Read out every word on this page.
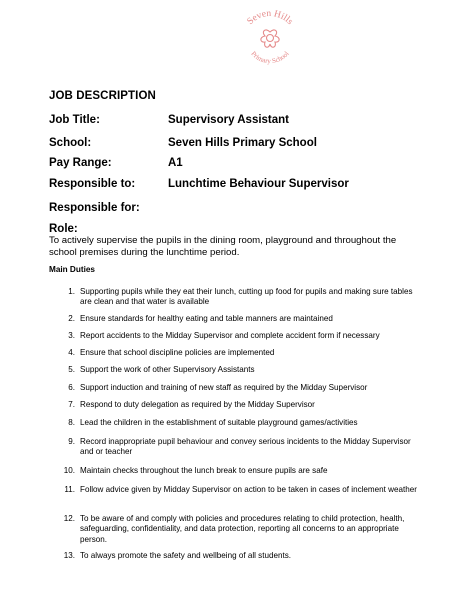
Seven Hills
Primary School
JOB DESCRIPTION
Job Title:	Supervisory Assistant
School:	Seven Hills Primary School
Pay Range:	A1
Responsible to:	Lunchtime Behaviour Supervisor
Responsible for:
Role:
To actively supervise the pupils in the dining room, playground and throughout the school premises during the lunchtime period.
Main Duties
1. Supporting pupils while they eat their lunch, cutting up food for pupils and making sure tables are clean and that water is available
2. Ensure standards for healthy eating and table manners are maintained
3. Report accidents to the Midday Supervisor and complete accident form if necessary
4. Ensure that school discipline policies are implemented
5. Support the work of other Supervisory Assistants
6. Support induction and training of new staff as required by the Midday Supervisor
7. Respond to duty delegation as required by the Midday Supervisor
8. Lead the children in the establishment of suitable playground games/activities
9. Record inappropriate pupil behaviour and convey serious incidents to the Midday Supervisor and or teacher
10. Maintain checks throughout the lunch break to ensure pupils are safe
11. Follow advice given by Midday Supervisor on action to be taken in cases of inclement weather
12. To be aware of and comply with policies and procedures relating to child protection, health, safeguarding, confidentiality, and data protection, reporting all concerns to an appropriate person.
13. To always promote the safety and wellbeing of all students.
